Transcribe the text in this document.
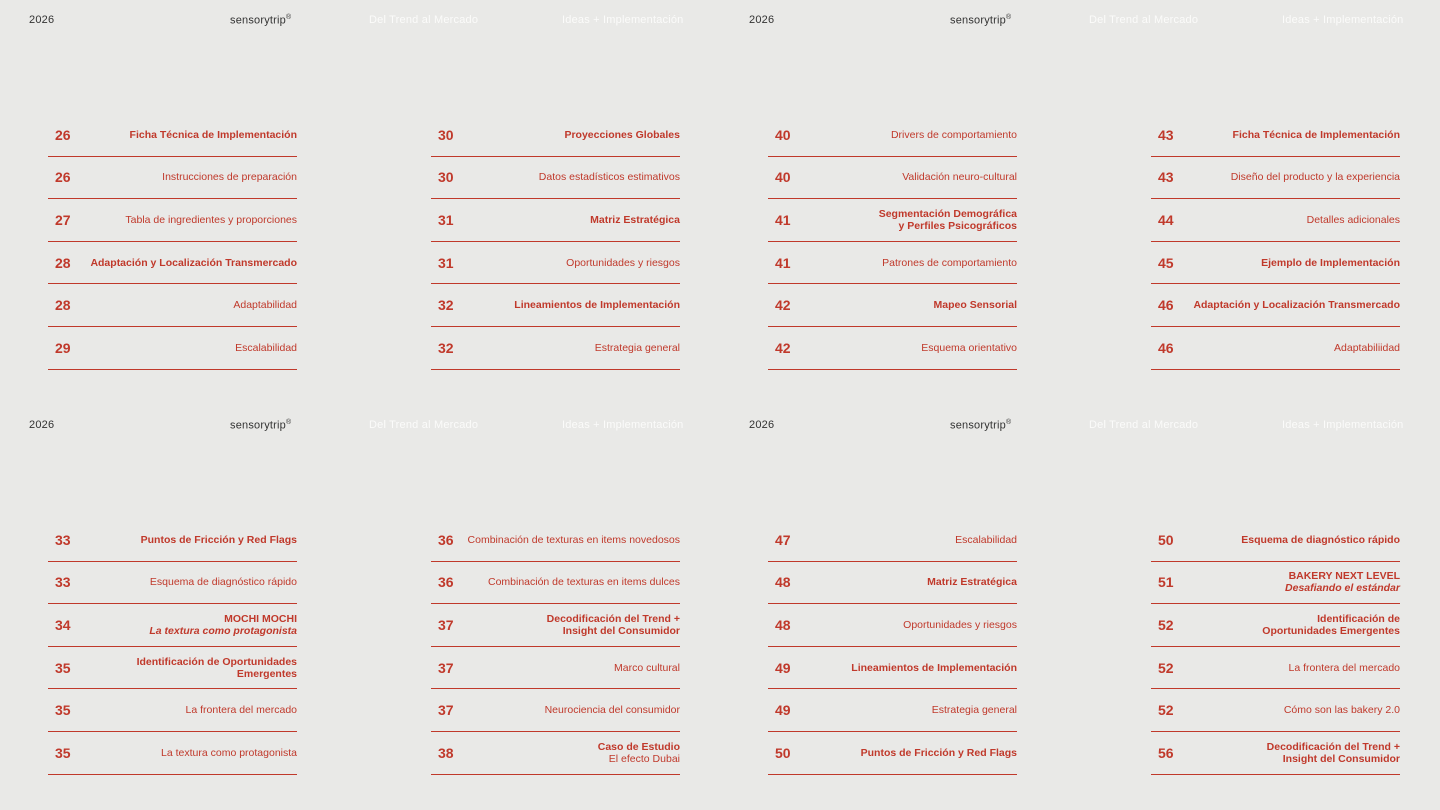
2026	sensorytrip®	Del Trend al Mercado	Ideas + Implementación
26	Ficha Técnica de Implementación
26	Instrucciones de preparación
27	Tabla de ingredientes y proporciones
28 Adaptación y Localización Transmercado
28	Adaptabilidad
29	Escalabilidad
30	Proyecciones Globales
30	Datos estadísticos estimativos
31	Matriz Estratégica
31	Oportunidades y riesgos
32	Lineamientos de Implementación
32	Estrategia general
2026	sensorytrip®	Del Trend al Mercado	Ideas + Implementación
40	Drivers de comportamiento
40	Validación neuro-cultural
41	Segmentación Demográfica
y Perfiles Psicográficos
41	Patrones de comportamiento
42	Mapeo Sensorial
42	Esquema orientativo
43	Ficha Técnica de Implementación
43	Diseño del producto y la experiencia
44	Detalles adicionales
45	Ejemplo de Implementación
46 Adaptación y Localización Transmercado
46	Adaptabiliidad
2026	sensorytrip®	Del Trend al Mercado	Ideas + Implementación
33	Puntos de Fricción y Red Flags
33	Esquema de diagnóstico rápido
34	MOCHI MOCHI
La textura como protagonista
35	Identificación de Oportunidades Emergentes
35	La frontera del mercado
35	La textura como protagonista
36 Combinación de texturas en items novedosos
36	Combinación de texturas en items dulces
37	Decodificación del Trend +
Insight del Consumidor
37	Marco cultural
37	Neurociencia del consumidor
38	Caso de Estudio
El efecto Dubai
2026	sensorytrip®	Del Trend al Mercado	Ideas + Implementación
47	Escalabilidad
48	Matriz Estratégica
48	Oportunidades y riesgos
49	Lineamientos de Implementación
49	Estrategia general
50	Puntos de Fricción y Red Flags
50	Esquema de diagnóstico rápido
51	BAKERY NEXT LEVEL
Desafiando el estándar
52	Identificación de
Oportunidades Emergentes
52	La frontera del mercado
52	Cómo son las bakery 2.0
56	Decodificación del Trend +
Insight del Consumidor
